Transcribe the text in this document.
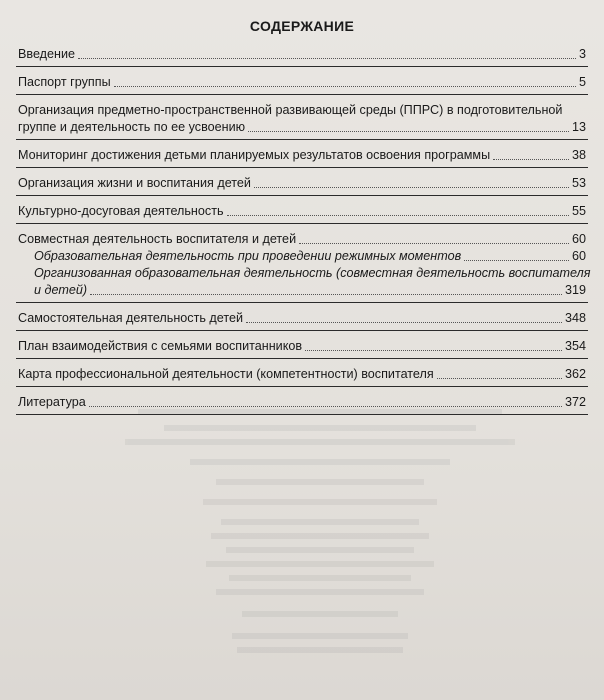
СОДЕРЖАНИЕ
Введение	3
Паспорт группы	5
Организация предметно-пространственной развивающей среды (ППРС) в подготовительной
группе и деятельность по ее усвоению	13
Мониторинг достижения детьми планируемых результатов освоения программы	38
Организация жизни и воспитания детей	53
Культурно-досуговая деятельность	55
Совместная деятельность воспитателя и детей	60
Образовательная деятельность при проведении режимных моментов	60
Организованная образовательная деятельность (совместная деятельность воспитателя
и детей)	319
Самостоятельная деятельность детей	348
План взаимодействия с семьями воспитанников	354
Карта профессиональной деятельности (компетентности) воспитателя	362
Литература	372
